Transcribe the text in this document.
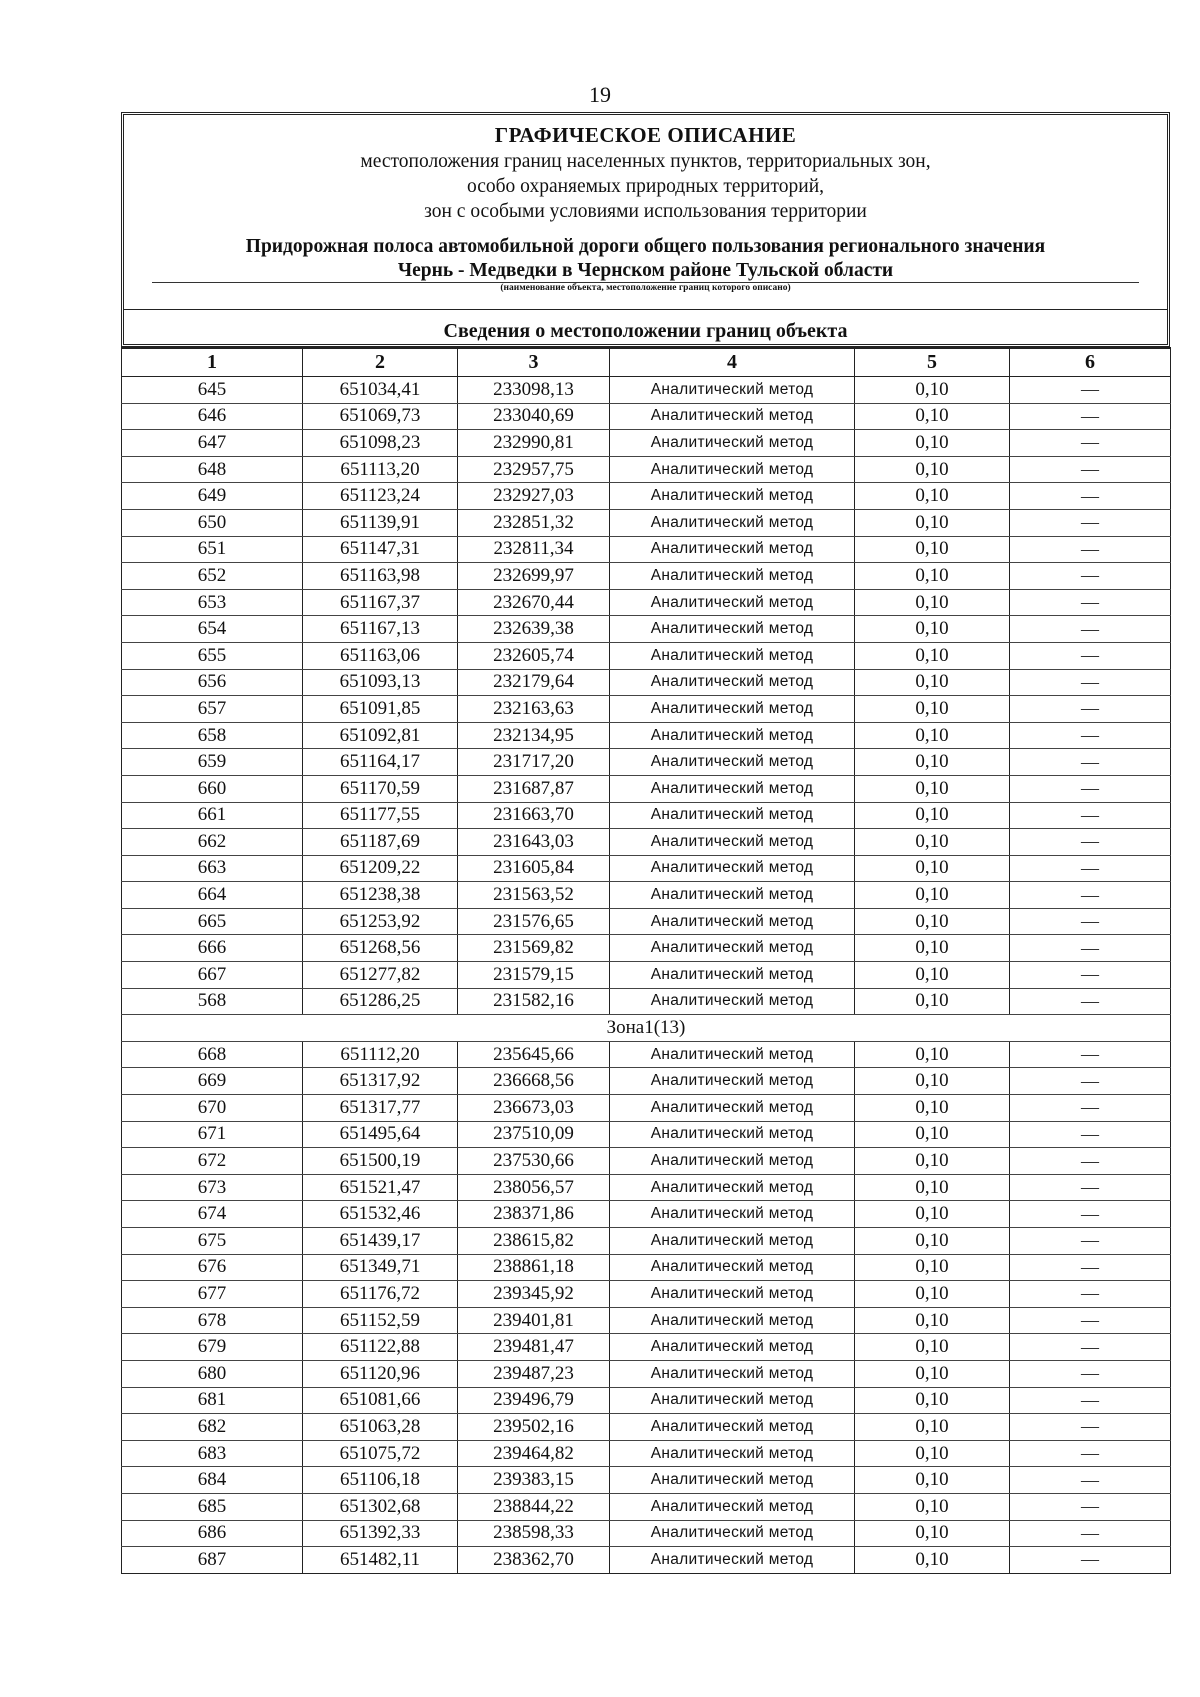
19
ГРАФИЧЕСКОЕ ОПИСАНИЕ
местоположения границ населенных пунктов, территориальных зон,
особо охраняемых природных территорий,
зон с особыми условиями использования территории
Придорожная полоса автомобильной дороги общего пользования регионального значения
Чернь - Медведки в Чернском районе Тульской области
(наименование объекта, местоположение границ которого описано)
Сведения о местоположении границ объекта
1	2	3	4	5	6
645	651034,41	233098,13	Аналитический метод	0,10	—
646	651069,73	233040,69	Аналитический метод	0,10	—
647	651098,23	232990,81	Аналитический метод	0,10	—
648	651113,20	232957,75	Аналитический метод	0,10	—
649	651123,24	232927,03	Аналитический метод	0,10	—
650	651139,91	232851,32	Аналитический метод	0,10	—
651	651147,31	232811,34	Аналитический метод	0,10	—
652	651163,98	232699,97	Аналитический метод	0,10	—
653	651167,37	232670,44	Аналитический метод	0,10	—
654	651167,13	232639,38	Аналитический метод	0,10	—
655	651163,06	232605,74	Аналитический метод	0,10	—
656	651093,13	232179,64	Аналитический метод	0,10	—
657	651091,85	232163,63	Аналитический метод	0,10	—
658	651092,81	232134,95	Аналитический метод	0,10	—
659	651164,17	231717,20	Аналитический метод	0,10	—
660	651170,59	231687,87	Аналитический метод	0,10	—
661	651177,55	231663,70	Аналитический метод	0,10	—
662	651187,69	231643,03	Аналитический метод	0,10	—
663	651209,22	231605,84	Аналитический метод	0,10	—
664	651238,38	231563,52	Аналитический метод	0,10	—
665	651253,92	231576,65	Аналитический метод	0,10	—
666	651268,56	231569,82	Аналитический метод	0,10	—
667	651277,82	231579,15	Аналитический метод	0,10	—
568	651286,25	231582,16	Аналитический метод	0,10	—
Зона1(13)					
668	651112,20	235645,66	Аналитический метод	0,10	—
669	651317,92	236668,56	Аналитический метод	0,10	—
670	651317,77	236673,03	Аналитический метод	0,10	—
671	651495,64	237510,09	Аналитический метод	0,10	—
672	651500,19	237530,66	Аналитический метод	0,10	—
673	651521,47	238056,57	Аналитический метод	0,10	—
674	651532,46	238371,86	Аналитический метод	0,10	—
675	651439,17	238615,82	Аналитический метод	0,10	—
676	651349,71	238861,18	Аналитический метод	0,10	—
677	651176,72	239345,92	Аналитический метод	0,10	—
678	651152,59	239401,81	Аналитический метод	0,10	—
679	651122,88	239481,47	Аналитический метод	0,10	—
680	651120,96	239487,23	Аналитический метод	0,10	—
681	651081,66	239496,79	Аналитический метод	0,10	—
682	651063,28	239502,16	Аналитический метод	0,10	—
683	651075,72	239464,82	Аналитический метод	0,10	—
684	651106,18	239383,15	Аналитический метод	0,10	—
685	651302,68	238844,22	Аналитический метод	0,10	—
686	651392,33	238598,33	Аналитический метод	0,10	—
687	651482,11	238362,70	Аналитический метод	0,10	—
